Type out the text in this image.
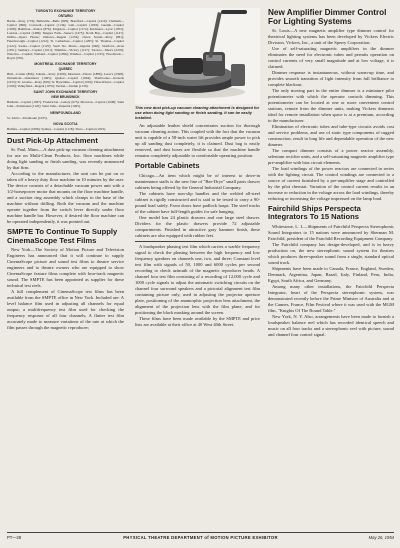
TORONTO EXCHANGE TERRITORY
ONTARIO

Barrie—Roxy (719); Belleville—Belle (829); Brantford—Capitol (1419); Chatham—Capitol (996); Cornwall—Capitol (1134); Galt—Capitol (1003); Guelph—Capitol (1168); Hamilton—Palace (879); Kingston—Capitol (1174); Kitchener—Lyric (1055); London—Capitol (1486); Niagara Falls—Seneca (1475); North Bay—Capitol (1147); Orillia—Opera House; Oshawa—Regent (1254); Owen Sound—Roxy (861); Peterborough—Capitol (1212); St. Catharines—Capitol (1205); St. Thomas—Capitol (1122); Sarnia—Capitol (1125); Sault Ste. Marie—Algoma (940); Stratford—Avon (1051); Sudbury—Capitol (1011); Timmins—Victory (1127); Toronto—Shea's (2476); Waterloo—Capitol; Welland—Capitol (1096); Windsor—Capitol (1745); Woodstock—Royal (706).

MONTREAL EXCHANGE TERRITORY
QUEBEC

Hull—Cartier (806); Joliette—Roxy (1000); Montreal—Palace (1886); Loew's (2598); Outremont—Outremont (1495); Quebec—Capitol (1664); Sherbrooke—Granada (1015); St. Jerome—Roxy (819); St. Hyacinthe—Capitol (1016); Three Rivers—Capitol (1160); Valleyfield—Regent (1070); Verdun—Verdun (1139).

SAINT JOHN EXCHANGE TERRITORY
NEW BRUNSWICK

Bathurst—Capitol (1097); Fredericton—Gaiety (675); Moncton—Capitol (1048); Saint John—Paramount (1145); Saint John—Imperial (1495).

NEWFOUNDLAND

St. John's—Paramount (1035).

NOVA SCOTIA

Halifax—Capitol (1906); Sydney—Capitol (1118); Truro—Capitol (1025).

Dust Pick-Up Attachment

St. Paul, Minn.—A dust pick-up vacuum cleaning attachment for use on Multi-Clean Products, Inc. floor machines while doing light sanding or finish sanding, was recently announced by that firm.

According to the manufacturer, the unit can be put on or taken off a heavy duty floor machine in 10 minutes by the user. The device consists of a detachable vacuum power unit with a 1/2-horsepower motor that mounts on the floor machine handle, and a suction ring assembly which clamps to the base of the machine without drilling. Both the vacuum and the machine operate together from the switch lever directly under floor machine handle bar. However, if desired the floor machine can be operated independently, it was pointed out.

SMPTE To Continue To Supply CinemaScope Test Films

New York—The Society of Motion Picture and Television Engineers has announced that it will continue to supply CinemaScope picture and sound test films to theatre service engineers and to theatre owners who are equipped to show CinemaScope feature films complete with four-track magnetic sound. The SMPTE has been appointed as supplier for these technical test reels.

A full complement of CinemaScope test films has been available from the SMPTE office in New York. Included are: A level balance film used in adjusting all channels for equal output; a multifrequency test film used for checking the frequency response of all four channels; A flutter test film accurately made to measure variations of the rate at which the film passes through the magnetic reproducer;

This new dust pick-up vacuum cleaning attachment is designed for use when doing light sanding or finish sanding. It can be easily installed.

An adjustable leather shield concentrates suction for thorough vacuum cleaning action. This coupled with the fact that the vacuum unit is capable of a 58-inch water lift provides ample power to pick up all sanding dust completely, it is claimed. Dust bag is easily removed, and dust hoses are flexible so that the machine handle remains completely adjustable to comfortable operating position.

Portable Cabinets

Chicago—An item which might be of interest to drive-in maintenance staffs is the new line of "Bee-Drye" small parts drawer cabinets being offered by the General Industrial Company.

The cabinets have non-slip handles and the welded all-steel cabinet is rigidly constructed and is said to be tested to carry a 90-pound load safely. Front doors have padlock hasps. The steel tracks of the cabinet have full-length guides for safe hanging.

One model has 24 plastic drawers and one large steel drawer. Dividers for the plastic drawers provide 72 adjustable compartments. Finished in attractive gray hammer finish, these cabinets are also equipped with rubber feet.

A loudspeaker phasing test film which carries a warble frequency signal to check the phasing between the high frequency and low frequency speakers on channels one, two, and three; Constant level test film with signals of 50, 1000 and 6000 cycles per second recording to check azimuth of the magnetic reproducer heads. A channel four test film consisting of a recording of 12,000 cycle and 1000 cycle signals to adjust the automatic switching circuits on the channel four surround speakers and a pictorial alignment test film containing picture only, used in adjusting the projector aperture plate, positioning of the anamorphic projection lens attachment, the alignment of the projection lens with the film plane, and for positioning the black masking around the screen.

These films have been made available by the SMPTE and price lists are available at their office at 40 West 40th Street.

New Amplifier Dimmer Control For Lighting Systems

St. Louis—A new magnetic amplifier type dimmer control for theatrical lighting systems has been developed by Vickers Electric Division, Vickers, Inc., a unit of the Sperry Corporation.

Use of self-saturating magnetic amplifiers in the dimmer eliminates the need for electronic tubes and permits operation on control currents of very small magnitude and at low voltage, it is claimed.

Dimmer response is instantaneous, without warm-up time, and provides smooth transition of light intensity from full brilliance to complete blackout.

The only moving part in the entire dimmer is a miniature pilot potentiometer with which the operator controls dimming. This potentiometer can be located at one or more convenient control stations, remote from the dimmer units, making Vickers dimmers ideal for remote installation when space is at a premium, according to the manufacturer.

Elimination of electronic tubes and tube-type circuits avoids cost and service problems, and use of static type components of rugged construction, result in long life and dependable operation of the new dimmer.

The compact dimmer consists of a power reactor assembly, selenium rectifier units, and a self-saturating magnetic amplifier type pre-amplifier with bias circuit elements.

The load windings of the power reactors are connected in series with the lighting circuit. The control windings are connected to a source of current furnished by a pre-amplifier stage and controlled by the pilot rheostat. Variation of the control current results in an increase or reduction in the voltage across the load windings, thereby reducing or increasing the voltage impressed on the lamp load.

Fairchild Ships Perspecta Integrators To 15 Nations

Whitestone, L. I.—Shipments of Fairchild Perspecta Stereophonic Sound Integrators to 15 nations were announced by Sherman M. Fairchild, president of the Fairchild Recording Equipment Company.

The Fairchild company has design-developed, and is in heavy production on, the new stereophonic sound system for theatres which produces three-speaker sound from a single, standard optical sound track.

Shipments have been made to Canada, France, England, Sweden, Denmark, Argentina, Japan, Brazil, Italy, Finland, Peru, India, Egypt, South Africa, and Germany.

Among many other installations, the Fairchild Perspecta Integrator, heart of the Perspecta stereophonic system, was demonstrated recently before the Prime Minister of Australia and at the Cannes, France, Film Festival where it was used with the MGM film, "Knights Of The Round Table."

New York, N. Y. Also, arrangements have been made to furnish a loudspeaker balance reel which has recorded identical speech and music on all four tracks and a stereophonic reel with picture, sound and channel four control signal.

PT—28	PHYSICAL THEATRE DEPARTMENT of MOTION PICTURE EXHIBITOR	May 26, 1954
